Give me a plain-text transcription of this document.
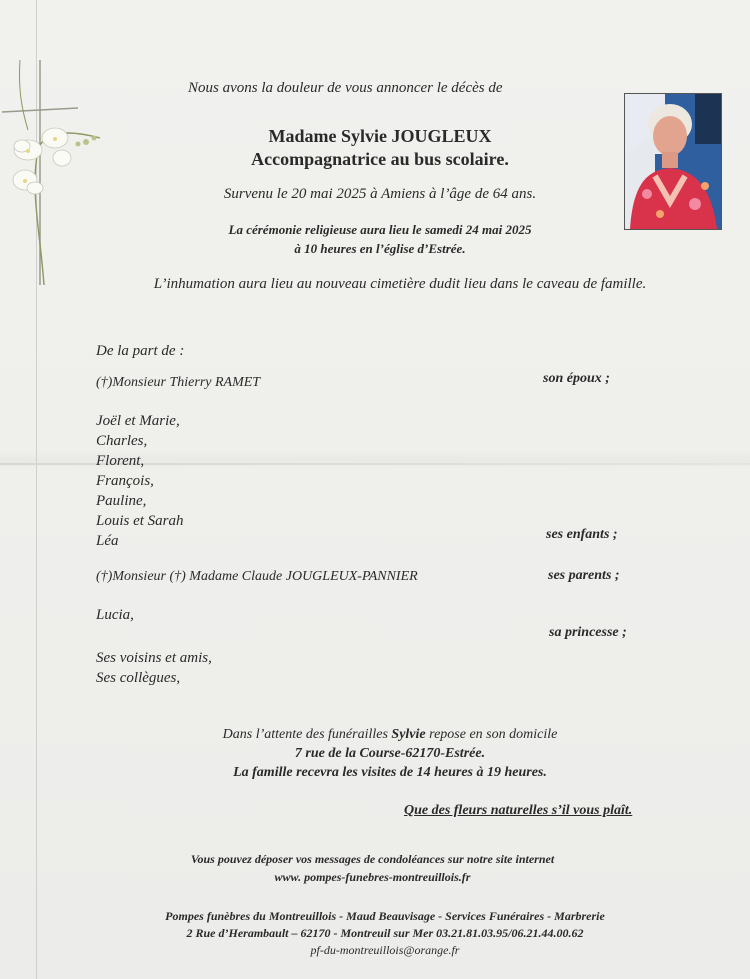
Nous avons la douleur de vous annoncer le décès de
Madame Sylvie JOUGLEUX
Accompagnatrice au bus scolaire.
Survenu le 20 mai 2025 à Amiens à l’âge de 64 ans.
La cérémonie religieuse aura lieu le samedi 24 mai 2025
à 10 heures en l’église d’Estrée.
L’inhumation aura lieu au nouveau cimetière dudit lieu dans le caveau de famille.
De la part de :
(†)Monsieur Thierry RAMET	son époux ;
Joël et Marie,
Charles,
Florent,
François,
Pauline,
Louis et Sarah
Léa	ses enfants ;
(†)Monsieur (†) Madame Claude JOUGLEUX-PANNIER	ses parents ;
Lucia,
sa princesse ;
Ses voisins et amis,
Ses collègues,
Dans l’attente des funérailles Sylvie repose en son domicile
7 rue de la Course-62170-Estrée.
La famille recevra les visites de 14 heures à 19 heures.
Que des fleurs naturelles s’il vous plaît.
Vous pouvez déposer vos messages de condoléances sur notre site internet
www. pompes-funebres-montreuillois.fr
Pompes funèbres du Montreuillois - Maud Beauvisage - Services Funéraires - Marbrerie
2 Rue d’Herambault – 62170 - Montreuil sur Mer 03.21.81.03.95/06.21.44.00.62
pf-du-montreuillois@orange.fr
